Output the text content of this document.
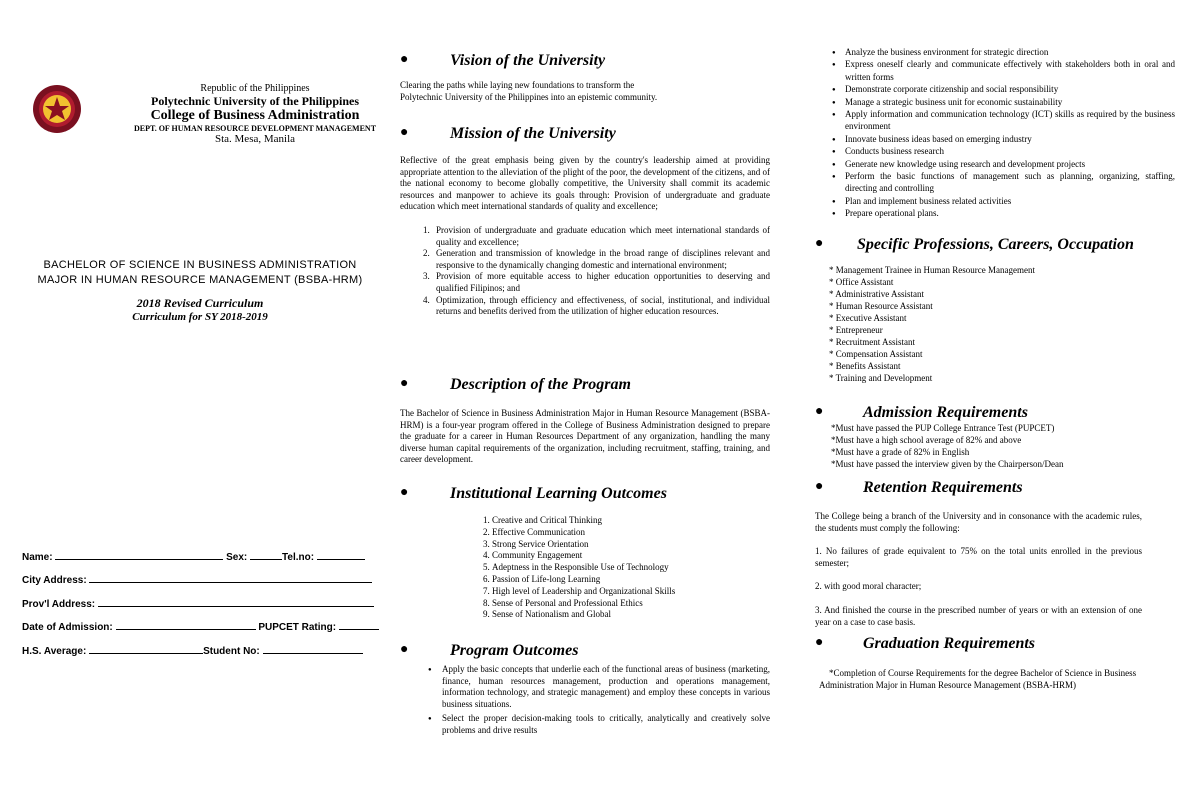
Republic of the Philippines
Polytechnic University of the Philippines
College of Business Administration
DEPT. OF HUMAN RESOURCE DEVELOPMENT MANAGEMENT
Sta. Mesa, Manila
BACHELOR OF SCIENCE IN BUSINESS ADMINISTRATION
MAJOR IN HUMAN RESOURCE MANAGEMENT (BSBA-HRM)
2018 Revised Curriculum
Curriculum for SY 2018-2019
Name:	Sex:	Tel.no:
City Address:
Prov'l Address:
Date of Admission:	PUPCET Rating:
H.S. Average:	Student No:
●	Vision of the University
Clearing the paths while laying new foundations to transform the Polytechnic University of the Philippines into an epistemic community.
●	Mission of the University
Reflective of the great emphasis being given by the country's leadership aimed at providing appropriate attention to the alleviation of the plight of the poor, the development of the citizens, and of the national economy to become globally competitive, the University shall commit its academic resources and manpower to achieve its goals through: Provision of undergraduate and graduate education which meet international standards of quality and excellence;
1. Provision of undergraduate and graduate education which meet international standards of quality and excellence;
2. Generation and transmission of knowledge in the broad range of disciplines relevant and responsive to the dynamically changing domestic and international environment;
3. Provision of more equitable access to higher education opportunities to deserving and qualified Filipinos; and
4. Optimization, through efficiency and effectiveness, of social, institutional, and individual returns and benefits derived from the utilization of higher education resources.
●	Description of the Program
The Bachelor of Science in Business Administration Major in Human Resource Management (BSBA-HRM) is a four-year program offered in the College of Business Administration designed to prepare the graduate for a career in Human Resources Department of any organization, handling the many diverse human capital requirements of the organization, including recruitment, staffing, training, and career development.
●	Institutional Learning Outcomes
1. Creative and Critical Thinking
2. Effective Communication
3. Strong Service Orientation
4. Community Engagement
5. Adeptness in the Responsible Use of Technology
6. Passion of Life-long Learning
7. High level of Leadership and Organizational Skills
8. Sense of Personal and Professional Ethics
9. Sense of Nationalism and Global
●	Program Outcomes
● Apply the basic concepts that underlie each of the functional areas of business (marketing, finance, human resources management, production and operations management, information technology, and strategic management) and employ these concepts in various business situations.
● Select the proper decision-making tools to critically, analytically and creatively solve problems and drive results
● Analyze the business environment for strategic direction
● Express oneself clearly and communicate effectively with stakeholders both in oral and written forms
● Demonstrate corporate citizenship and social responsibility
● Manage a strategic business unit for economic sustainability
● Apply information and communication technology (ICT) skills as required by the business environment
● Innovate business ideas based on emerging industry
● Conducts business research
● Generate new knowledge using research and development projects
● Perform the basic functions of management such as planning, organizing, staffing, directing and controlling
● Plan and implement business related activities
● Prepare operational plans.
● Specific Professions, Careers, Occupation
* Management Trainee in Human Resource Management
* Office Assistant
* Administrative Assistant
* Human Resource Assistant
* Executive Assistant
* Entrepreneur
* Recruitment Assistant
* Compensation Assistant
* Benefits Assistant
* Training and Development
● Admission Requirements
*Must have passed the PUP College Entrance Test (PUPCET)
*Must have a high school average of 82% and above
*Must have a grade of 82% in English
*Must have passed the interview given by the Chairperson/Dean
● Retention Requirements
The College being a branch of the University and in consonance with the academic rules, the students must comply the following:
1. No failures of grade equivalent to 75% on the total units enrolled in the previous semester;
2. with good moral character;
3. And finished the course in the prescribed number of years or with an extension of one year on a case to case basis.
● Graduation Requirements
*Completion of Course Requirements for the degree Bachelor of Science in Business Administration Major in Human Resource Management (BSBA-HRM)
